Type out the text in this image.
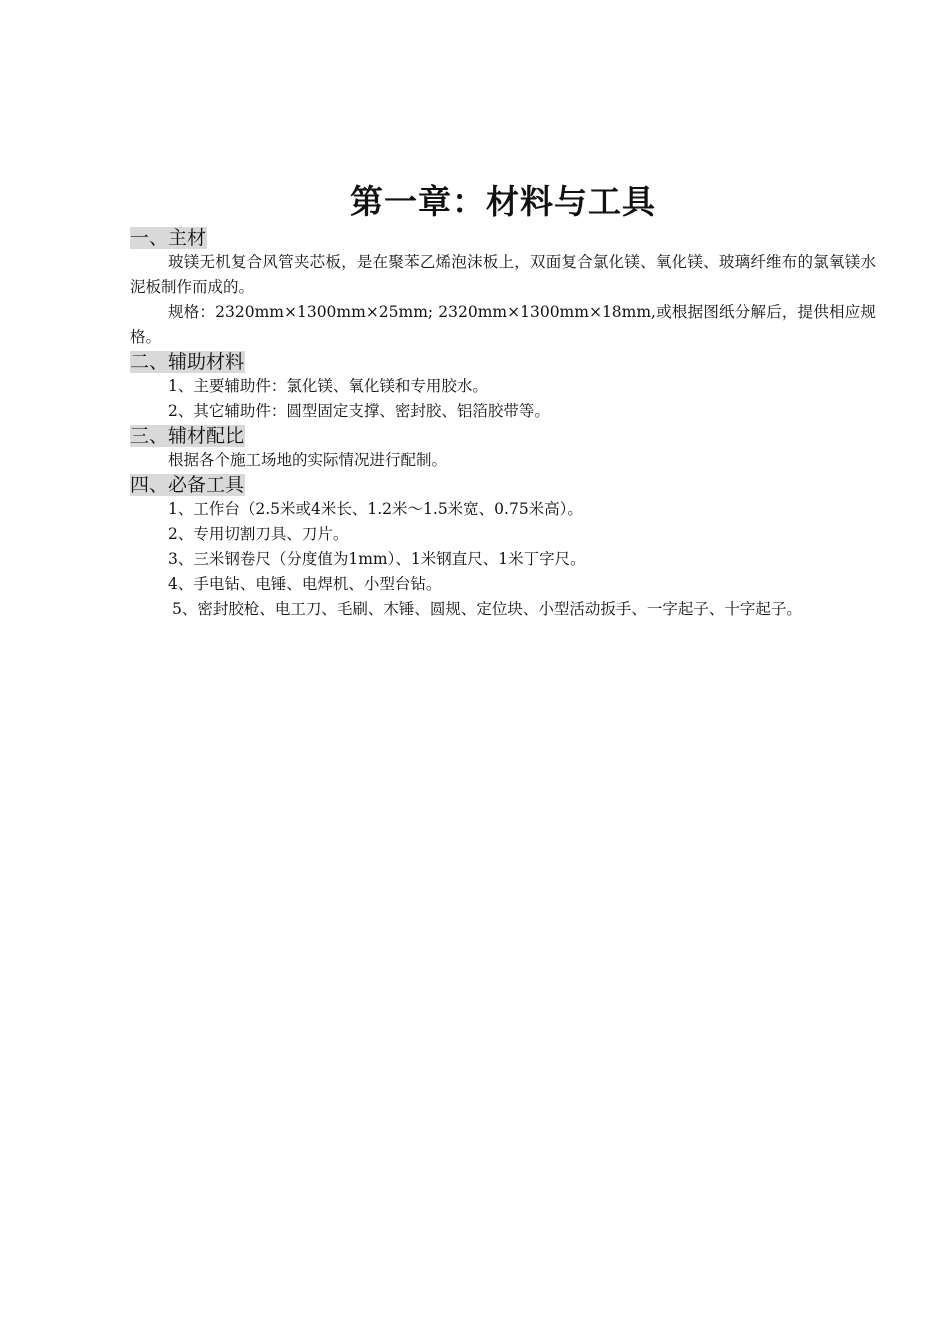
第一章：材料与工具
一、主材

玻镁无机复合风管夹芯板，是在聚苯乙烯泡沫板上，双面复合氯化镁、氧化镁、玻璃纤维布的氯氧镁水泥板制作而成的。

规格：2320mm×1300mm×25mm; 2320mm×1300mm×18mm,或根据图纸分解后，提供相应规格。

二、辅助材料

1、主要辅助件：氯化镁、氧化镁和专用胶水。

2、其它辅助件：圆型固定支撑、密封胶、铝箔胶带等。

三、辅材配比

根据各个施工场地的实际情况进行配制。

四、必备工具

1、工作台（2.5米或4米长、1.2米～1.5米宽、0.75米高）。

2、专用切割刀具、刀片。

3、三米钢卷尺（分度值为1mm）、1米钢直尺、1米丁字尺。

4、手电钻、电锤、电焊机、小型台钻。

5、密封胶枪、电工刀、毛刷、木锤、圆规、定位块、小型活动扳手、一字起子、十字起子。
